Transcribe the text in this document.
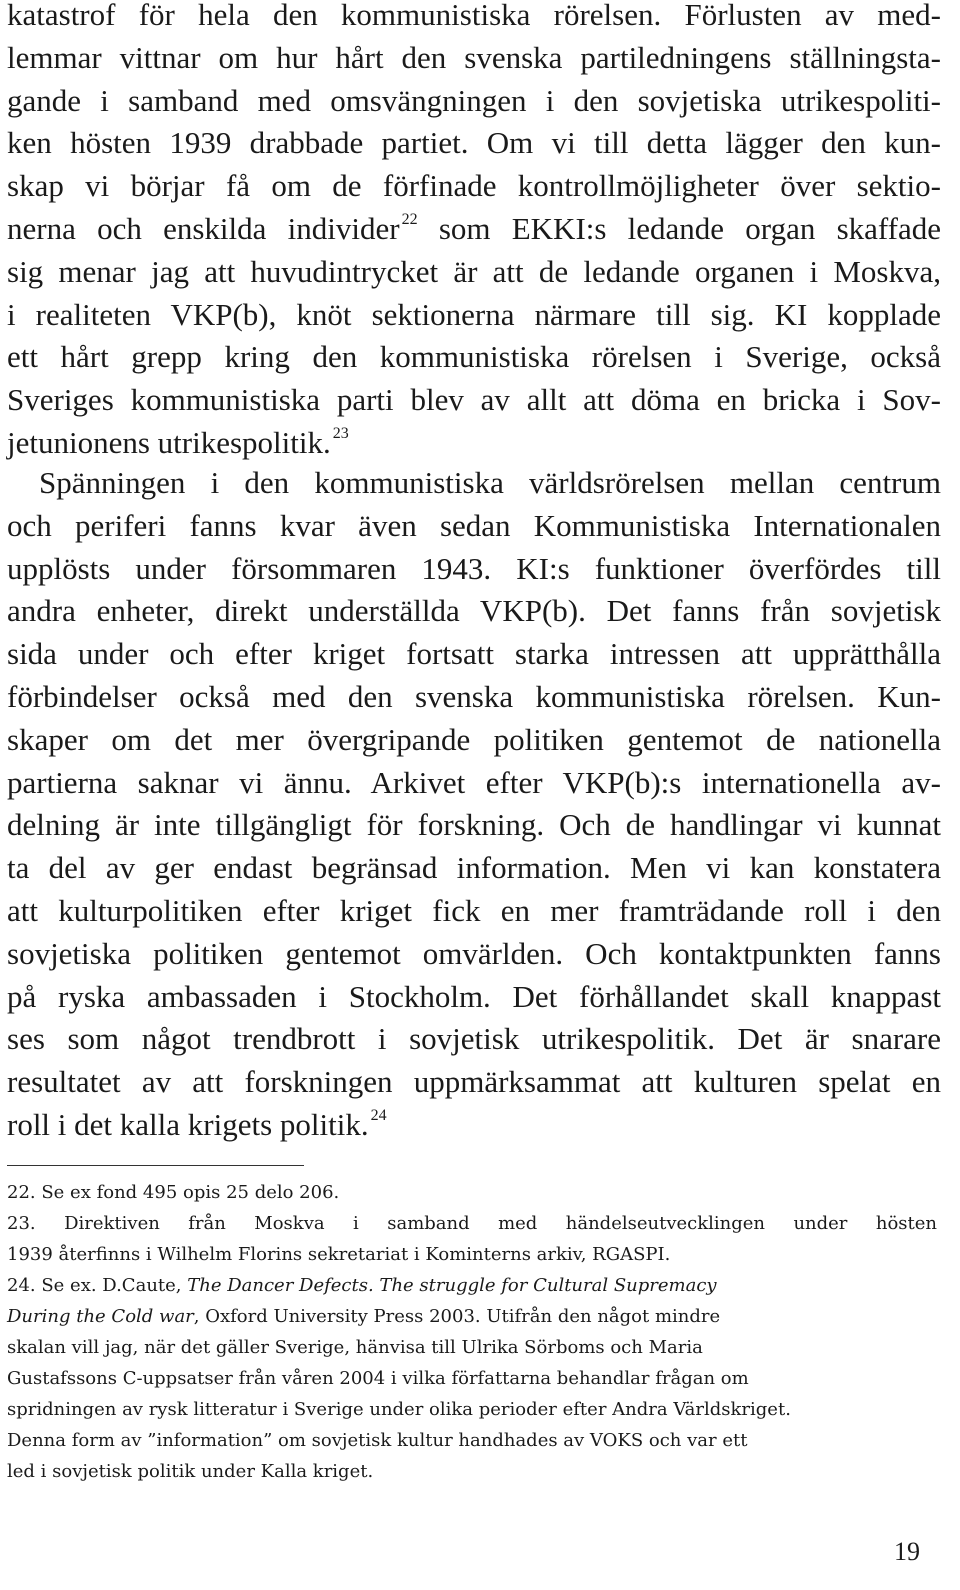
katastrof för hela den kommunistiska rörelsen. Förlusten av med-
lemmar vittnar om hur hårt den svenska partiledningens ställningsta-
gande i samband med omsvängningen i den sovjetiska utrikespoliti-
ken hösten 1939 drabbade partiet. Om vi till detta lägger den kun-
skap vi börjar få om de förfinade kontrollmöjligheter över sektio-
nerna och enskilda individer $^{22}$ som EKKI:s ledande organ skaffade
sig menar jag att huvudintrycket är att de ledande organen i Moskva,
i realiteten VKP(b), knöt sektionerna närmare till sig. KI kopplade
ett hårt grepp kring den kommunistiska rörelsen i Sverige, också
Sveriges kommunistiska parti blev av allt att döma en bricka i Sov-
jetunionens utrikespolitik. $^{23}$
Spänningen i den kommunistiska världsrörelsen mellan centrum
och periferi fanns kvar även sedan Kommunistiska Internationalen
upplösts under försommaren 1943. KI:s funktioner överfördes till
andra enheter, direkt underställda VKP(b). Det fanns från sovjetisk
sida under och efter kriget fortsatt starka intressen att upprätthålla
förbindelser också med den svenska kommunistiska rörelsen. Kun-
skaper om det mer övergripande politiken gentemot de nationella
partierna saknar vi ännu. Arkivet efter VKP(b):s internationella av-
delning är inte tillgängligt för forskning. Och de handlingar vi kunnat
ta del av ger endast begränsad information. Men vi kan konstatera
att kulturpolitiken efter kriget fick en mer framträdande roll i den
sovjetiska politiken gentemot omvärlden. Och kontaktpunkten fanns
på ryska ambassaden i Stockholm. Det förhållandet skall knappast
ses som något trendbrott i sovjetisk utrikespolitik. Det är snarare
resultatet av att forskningen uppmärksammat att kulturen spelat en
roll i det kalla krigets politik. $^{24}$
22. Se ex fond 495 opis 25 delo 206.
23. Direktiven från Moskva i samband med händelseutvecklingen under hösten
1939 återfinns i Wilhelm Florins sekretariat i Kominterns arkiv, RGASPI.
24. Se ex. D.Caute, The Dancer Defects. The struggle for Cultural Supremacy
During the Cold war, Oxford University Press 2003. Utifrån den något mindre
skalan vill jag, när det gäller Sverige, hänvisa till Ulrika Sörboms och Maria
Gustafssons C-uppsatser från våren 2004 i vilka författarna behandlar frågan om
spridningen av rysk litteratur i Sverige under olika perioder efter Andra Världskriget.
Denna form av ”information” om sovjetisk kultur handhades av VOKS och var ett
led i sovjetisk politik under Kalla kriget.
19
